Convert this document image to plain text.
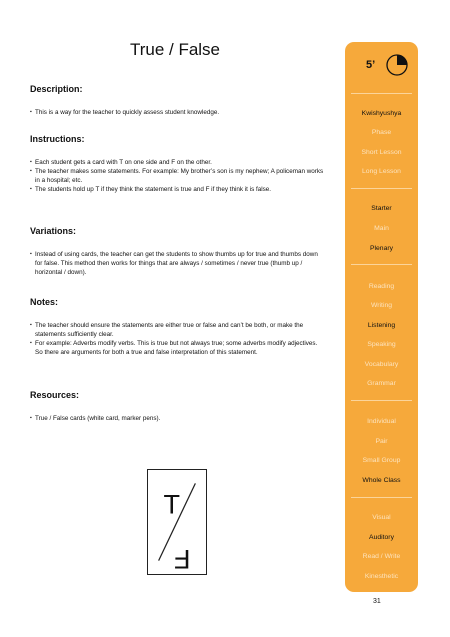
True / False

Description:

▪ This is a way for the teacher to quickly assess student knowledge.

Instructions:

▪ Each student gets a card with T on one side and F on the other.
▪ The teacher makes some statements. For example: My brother’s son is my nephew; A policeman works in a hospital; etc.
▪ The students hold up T if they think the statement is true and F if they think it is false.

Variations:

▪ Instead of using cards, the teacher can get the students to show thumbs up for true and thumbs down for false. This method then works for things that are always / sometimes / never true (thumb up / horizontal / down).

Notes:

▪ The teacher should ensure the statements are either true or false and can’t be both, or make the statements sufficiently clear.
▪ For example: Adverbs modify verbs. This is true but not always true; some adverbs modify adjectives. So there are arguments for both a true and false interpretation of this statement.

Resources:

▪ True / False cards (white card, marker pens).
T
F
5’
Kwishyushya
Phase
Short Lesson
Long Lesson
Starter
Main
Plenary
Reading
Writing
Listening
Speaking
Vocabulary
Grammar
Individual
Pair
Small Group
Whole Class
Visual
Auditory
Read / Write
Kinesthetic
31
